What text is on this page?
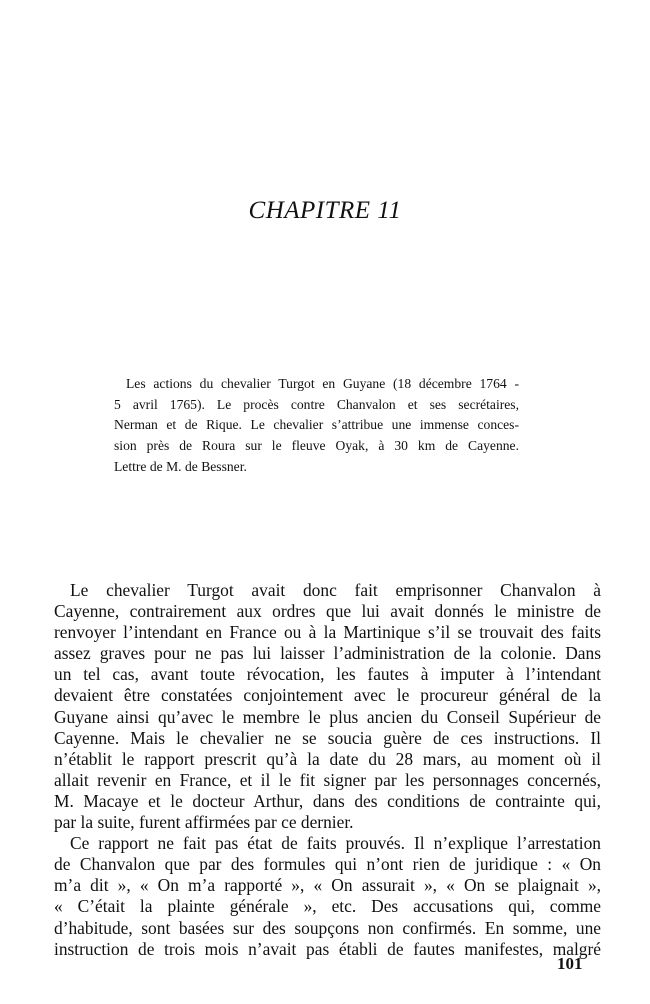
CHAPITRE 11
Les actions du chevalier Turgot en Guyane (18 décembre 1764 -
5 avril 1765). Le procès contre Chanvalon et ses secrétaires,
Nerman et de Rique. Le chevalier s’attribue une immense conces-
sion près de Roura sur le fleuve Oyak, à 30 km de Cayenne.
Lettre de M. de Bessner.
Le chevalier Turgot avait donc fait emprisonner Chanvalon à
Cayenne, contrairement aux ordres que lui avait donnés le ministre de
renvoyer l’intendant en France ou à la Martinique s’il se trouvait des faits
assez graves pour ne pas lui laisser l’administration de la colonie. Dans
un tel cas, avant toute révocation, les fautes à imputer à l’intendant
devaient être constatées conjointement avec le procureur général de la
Guyane ainsi qu’avec le membre le plus ancien du Conseil Supérieur de
Cayenne. Mais le chevalier ne se soucia guère de ces instructions. Il
n’établit le rapport prescrit qu’à la date du 28 mars, au moment où il
allait revenir en France, et il le fit signer par les personnages concernés,
M. Macaye et le docteur Arthur, dans des conditions de contrainte qui,
par la suite, furent affirmées par ce dernier.
Ce rapport ne fait pas état de faits prouvés. Il n’explique l’arrestation
de Chanvalon que par des formules qui n’ont rien de juridique : « On
m’a dit », « On m’a rapporté », « On assurait », « On se plaignait »,
« C’était la plainte générale », etc. Des accusations qui, comme
d’habitude, sont basées sur des soupçons non confirmés. En somme, une
instruction de trois mois n’avait pas établi de fautes manifestes, malgré
101
